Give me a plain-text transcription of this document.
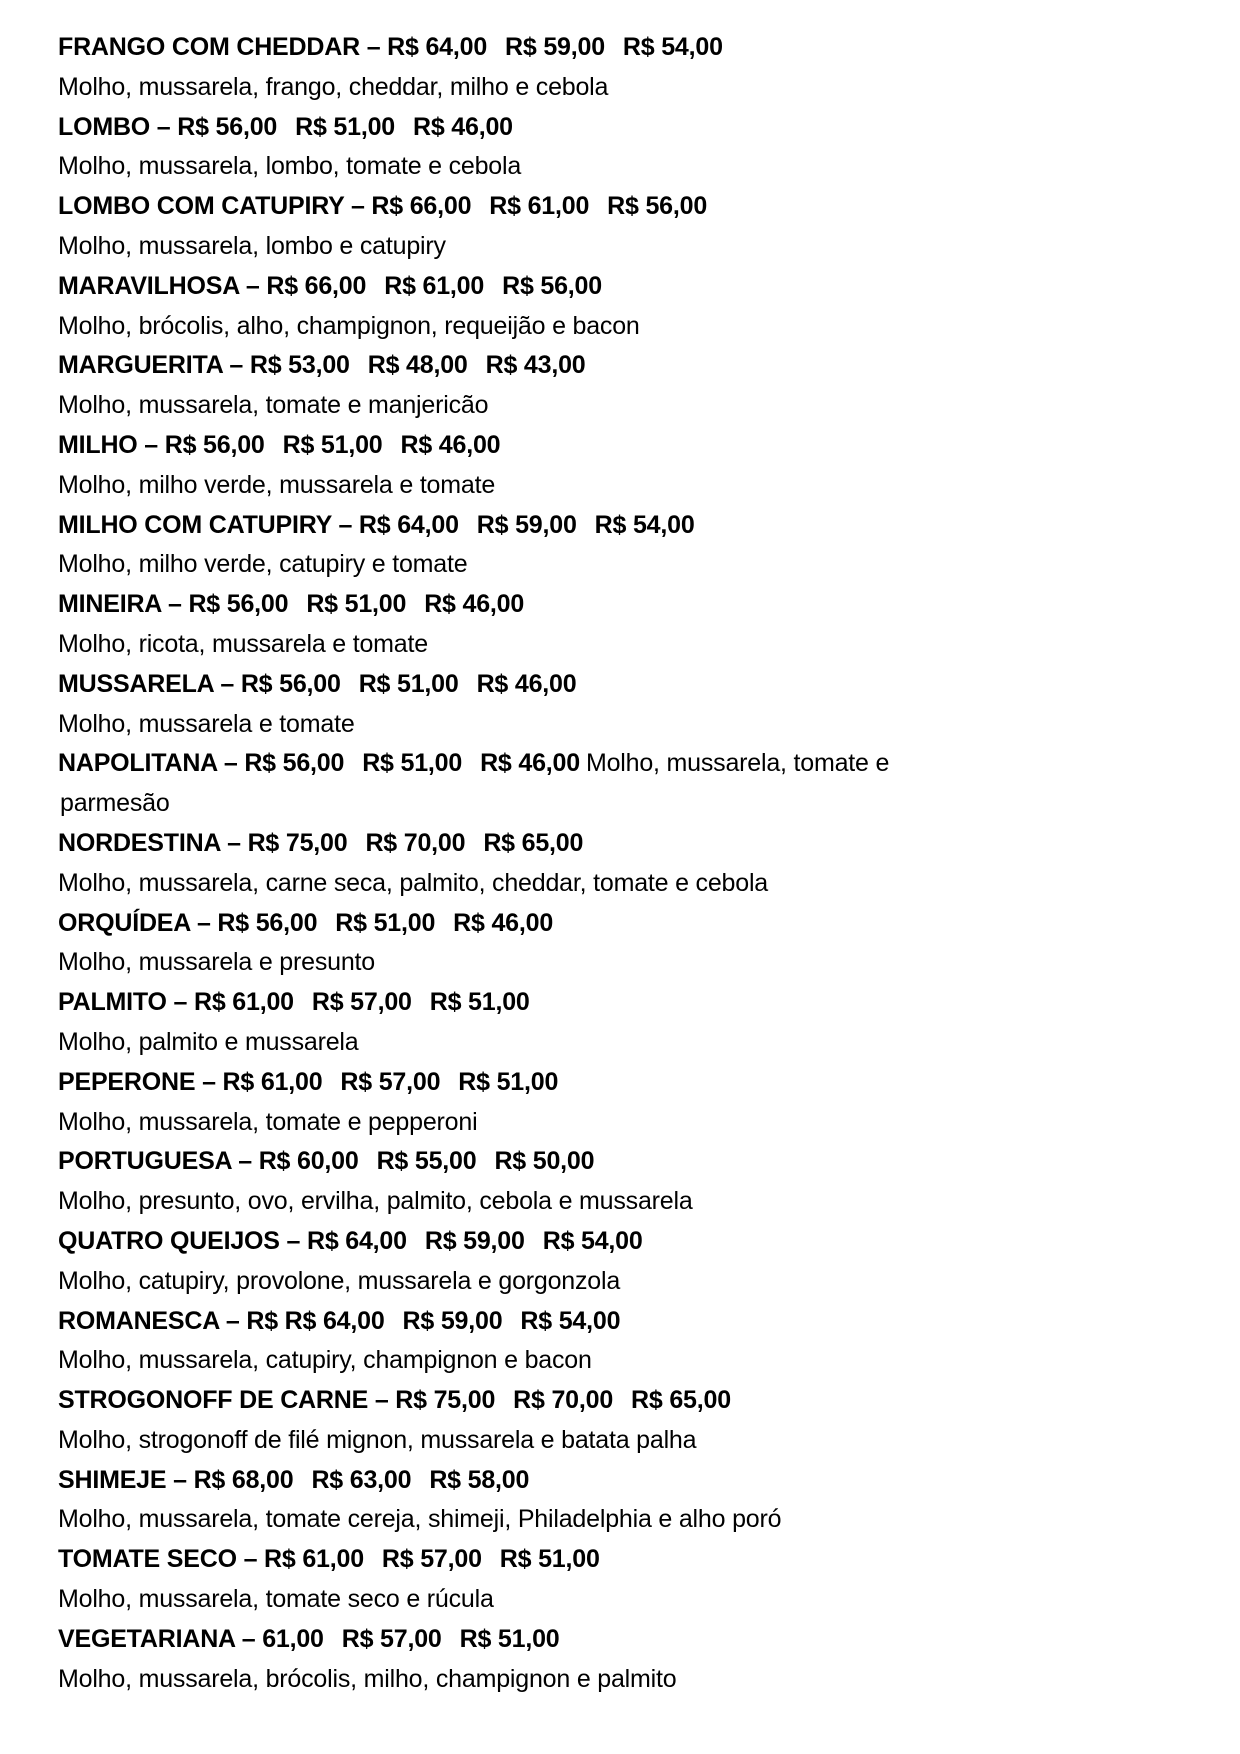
FRANGO COM CHEDDAR – R$ 64,00 R$ 59,00 R$ 54,00
Molho, mussarela, frango, cheddar, milho e cebola
LOMBO – R$ 56,00 R$ 51,00 R$ 46,00
Molho, mussarela, lombo, tomate e cebola
LOMBO COM CATUPIRY – R$ 66,00 R$ 61,00 R$ 56,00
Molho, mussarela, lombo e catupiry
MARAVILHOSA – R$ 66,00 R$ 61,00 R$ 56,00
Molho, brócolis, alho, champignon, requeijão e bacon
MARGUERITA – R$ 53,00 R$ 48,00 R$ 43,00
Molho, mussarela, tomate e manjericão
MILHO – R$ 56,00 R$ 51,00 R$ 46,00
Molho, milho verde, mussarela e tomate
MILHO COM CATUPIRY – R$ 64,00 R$ 59,00 R$ 54,00
Molho, milho verde, catupiry e tomate
MINEIRA – R$ 56,00 R$ 51,00 R$ 46,00
Molho, ricota, mussarela e tomate
MUSSARELA – R$ 56,00 R$ 51,00 R$ 46,00
Molho, mussarela e tomate
NAPOLITANA – R$ 56,00 R$ 51,00 R$ 46,00 Molho, mussarela, tomate e
parmesão
NORDESTINA – R$ 75,00 R$ 70,00 R$ 65,00
Molho, mussarela, carne seca, palmito, cheddar, tomate e cebola
ORQUÍDEA – R$ 56,00 R$ 51,00 R$ 46,00
Molho, mussarela e presunto
PALMITO – R$ 61,00 R$ 57,00 R$ 51,00
Molho, palmito e mussarela
PEPERONE – R$ 61,00 R$ 57,00 R$ 51,00
Molho, mussarela, tomate e pepperoni
PORTUGUESA – R$ 60,00 R$ 55,00 R$ 50,00
Molho, presunto, ovo, ervilha, palmito, cebola e mussarela
QUATRO QUEIJOS – R$ 64,00 R$ 59,00 R$ 54,00
Molho, catupiry, provolone, mussarela e gorgonzola
ROMANESCA – R$ R$ 64,00 R$ 59,00 R$ 54,00
Molho, mussarela, catupiry, champignon e bacon
STROGONOFF DE CARNE – R$ 75,00 R$ 70,00 R$ 65,00
Molho, strogonoff de filé mignon, mussarela e batata palha
SHIMEJE – R$ 68,00 R$ 63,00 R$ 58,00
Molho, mussarela, tomate cereja, shimeji, Philadelphia e alho poró
TOMATE SECO – R$ 61,00 R$ 57,00 R$ 51,00
Molho, mussarela, tomate seco e rúcula
VEGETARIANA – 61,00 R$ 57,00 R$ 51,00
Molho, mussarela, brócolis, milho, champignon e palmito
